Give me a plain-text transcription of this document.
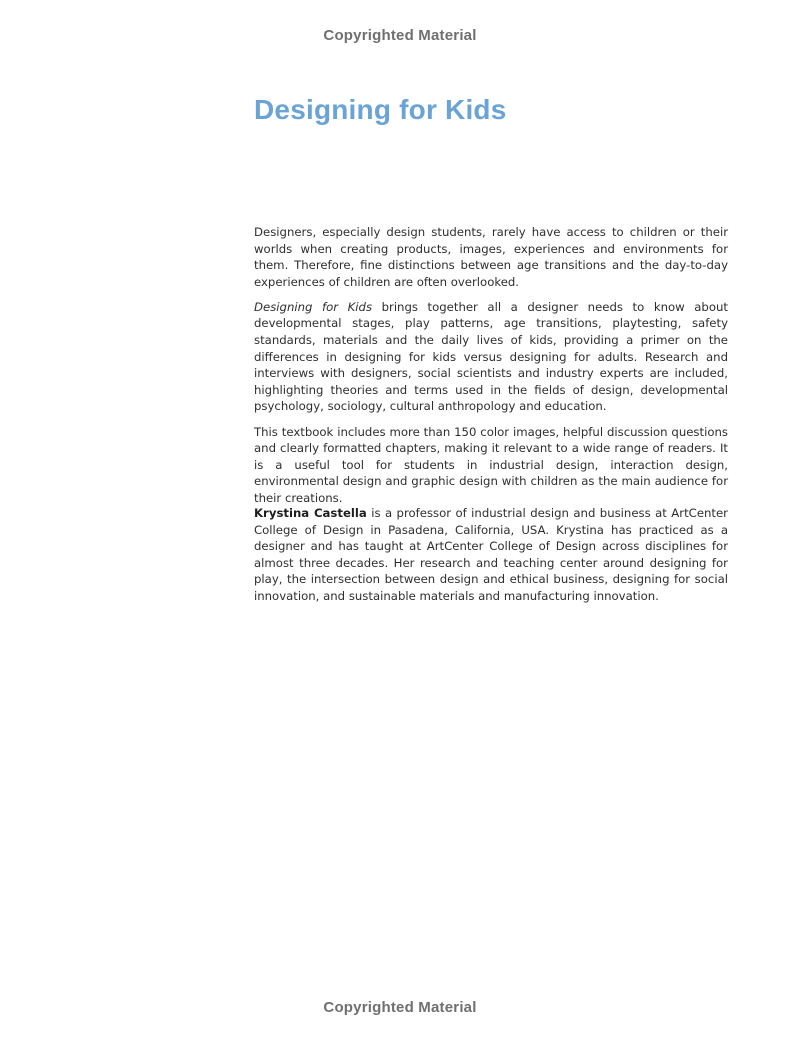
Copyrighted Material
Designing for Kids

Designers, especially design students, rarely have access to children or their worlds when creating products, images, experiences and environments for them. Therefore, fine distinctions between age transitions and the day-to-day experiences of children are often overlooked.

Designing for Kids brings together all a designer needs to know about developmental stages, play patterns, age transitions, playtesting, safety standards, materials and the daily lives of kids, providing a primer on the differences in designing for kids versus designing for adults. Research and interviews with designers, social scientists and industry experts are included, highlighting theories and terms used in the fields of design, developmental psychology, sociology, cultural anthropology and education.

This textbook includes more than 150 color images, helpful discussion questions and clearly formatted chapters, making it relevant to a wide range of readers. It is a useful tool for students in industrial design, interaction design, environmental design and graphic design with children as the main audience for their creations.

Krystina Castella is a professor of industrial design and business at ArtCenter College of Design in Pasadena, California, USA. Krystina has practiced as a designer and has taught at ArtCenter College of Design across disciplines for almost three decades. Her research and teaching center around designing for play, the intersection between design and ethical business, designing for social innovation, and sustainable materials and manufacturing innovation.

Copyrighted Material
